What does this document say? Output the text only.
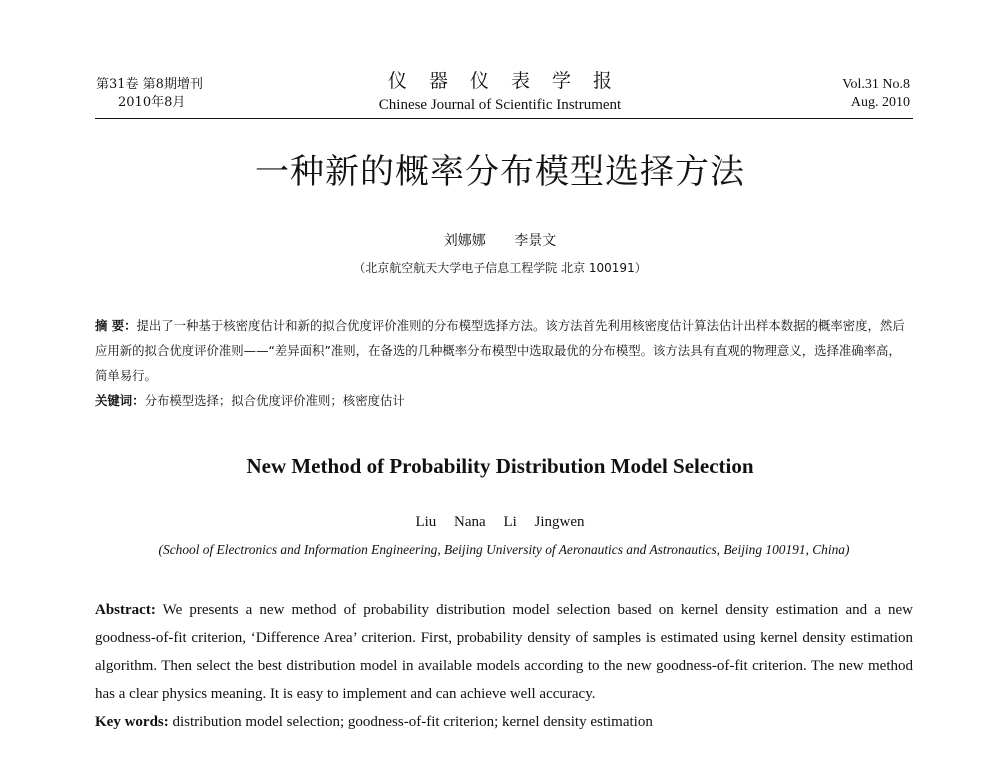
第31卷 第8期增刊
2010年8月
仪器仪表学报
Chinese Journal of Scientific Instrument
Vol.31 No.8
Aug. 2010
一种新的概率分布模型选择方法
刘娜娜 李景文
（北京航空航天大学电子信息工程学院 北京 100191）

摘 要：提出了一种基于核密度估计和新的拟合优度评价准则的分布模型选择方法。该方法首先利用核密度估计算法估计出样本数据的概率密度，然后应用新的拟合优度评价准则——“差异面积”准则，在备选的几种概率分布模型中选取最优的分布模型。该方法具有直观的物理意义，选择准确率高，简单易行。

关键词：分布模型选择；拟合优度评价准则；核密度估计

New Method of Probability Distribution Model Selection
Liu Nana Li Jingwen
(School of Electronics and Information Engineering, Beijing University of Aeronautics and Astronautics, Beijing 100191, China)

Abstract: We presents a new method of probability distribution model selection based on kernel density estimation and a new goodness-of-fit criterion, ‘Difference Area’ criterion. First, probability density of samples is estimated using kernel density estimation algorithm. Then select the best distribution model in available models according to the new goodness-of-fit criterion. The new method has a clear physics meaning. It is easy to implement and can achieve well accuracy.

Key words: distribution model selection; goodness-of-fit criterion; kernel density estimation
